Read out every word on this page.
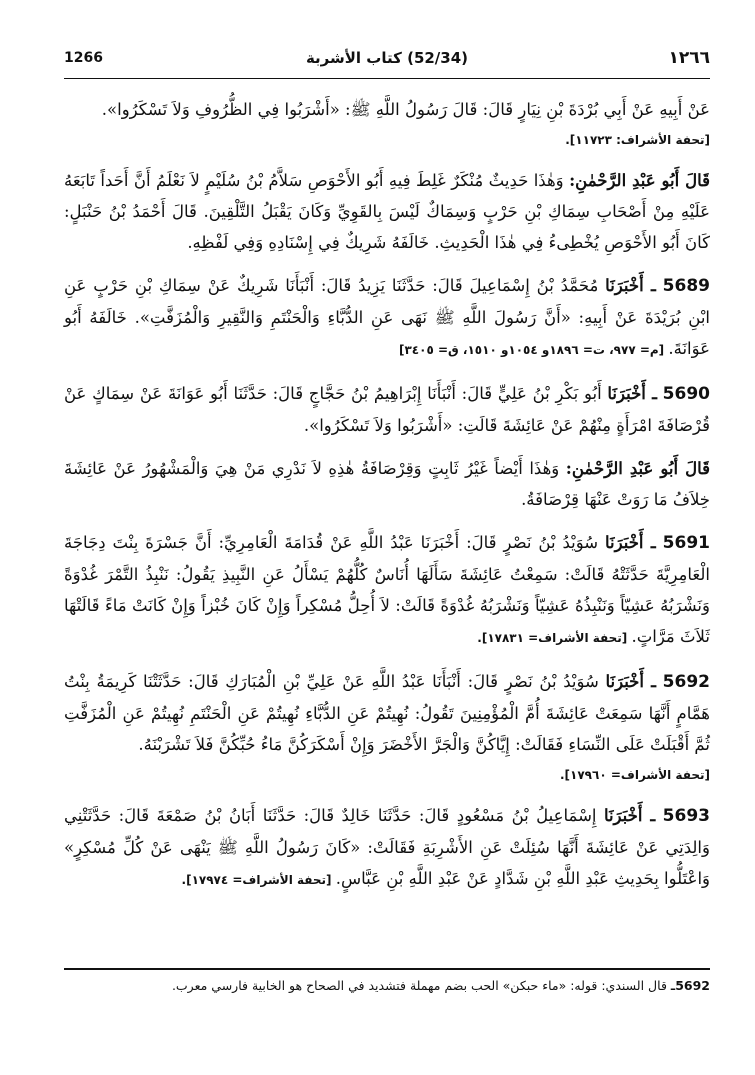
١٢٦٦
(52/34) كتاب الأشربة
1266

عَنْ أَبِيهِ عَنْ أَبِي بُرْدَةَ بْنِ نِيَارٍ قَالَ: قَالَ رَسُولُ اللَّهِ ﷺ: «أَشْرَبُوا فِي الظُّرُوفِ وَلاَ تَسْكَرُوا».

[تحفة الأشراف: ١١٧٢٣].

قَالَ أَبُو عَبْدِ الرَّحْمٰنِ: وَهٰذَا حَدِيثٌ مُنْكَرٌ غَلِطَ فِيهِ أَبُو الأَحْوَصِ سَلاَّمُ بْنُ سُلَيْمٍ لاَ نَعْلَمُ أَنَّ أَحَداً تَابَعَهُ عَلَيْهِ مِنْ أَصْحَابِ سِمَاكِ بْنِ حَرْبٍ وَسِمَاكٌ لَيْسَ بِالقَوِيِّ وَكَانَ يَقْبَلُ التَّلْقِينَ. قَالَ أَحْمَدُ بْنُ حَنْبَلٍ: كَانَ أَبُو الأَحْوَصِ يُخْطِىءُ فِي هٰذَا الْحَدِيثِ. خَالَفَهُ شَرِيكٌ فِي إِسْنَادِهِ وَفِي لَفْظِهِ.

5689 ـ أَخْبَرَنَا مُحَمَّدُ بْنُ إِسْمَاعِيلَ قَالَ: حَدَّثَنَا يَزِيدُ قَالَ: أَنْبَأَنَا شَرِيكٌ عَنْ سِمَاكِ بْنِ حَرْبٍ عَنِ ابْنِ بُرَيْدَةَ عَنْ أَبِيهِ: «أَنَّ رَسُولَ اللَّهِ ﷺ نَهَى عَنِ الدُّبَّاءِ وَالْحَنْتَمِ وَالنَّقِيرِ وَالْمُزَفَّتِ». خَالَفَهُ أَبُو عَوَانَةَ. [م= ٩٧٧، ت= ١٨٩٦و ١٠٥٤و ١٥١٠، ق= ٣٤٠٥]

5690 ـ أَخْبَرَنَا أَبُو بَكْرِ بْنُ عَلِيٍّ قَالَ: أَنْبَأَنَا إِبْرَاهِيمُ بْنُ حَجَّاجٍ قَالَ: حَدَّثَنَا أَبُو عَوَانَةَ عَنْ سِمَاكٍ عَنْ قُرْصَافَةَ امْرَأَةٍ مِنْهُمْ عَنْ عَائِشَةَ قَالَتِ: «أَشْرَبُوا وَلاَ تَسْكَرُوا».

قَالَ أَبُو عَبْدِ الرَّحْمٰنِ: وَهٰذَا أَيْضاً غَيْرُ ثَابِتٍ وَقِرْصَافَةُ هٰذِهِ لاَ نَدْرِي مَنْ هِيَ وَالْمَشْهُورُ عَنْ عَائِشَةَ خِلاَفُ مَا رَوَتْ عَنْهَا قِرْصَافَةُ.

5691 ـ أَخْبَرَنَا سُوَيْدُ بْنُ نَصْرٍ قَالَ: أَخْبَرَنَا عَبْدُ اللَّهِ عَنْ قُدَامَةَ الْعَامِرِيِّ: أَنَّ جَسْرَةَ بِنْتَ دِجَاجَةَ الْعَامِرِيَّةَ حَدَّثَتْهُ قَالَتْ: سَمِعْتُ عَائِشَةَ سَأَلَهَا أُنَاسٌ كُلُّهُمْ يَسْأَلُ عَنِ النَّبِيذِ يَقُولُ: نَنْبِذُ التَّمْرَ غُدْوَةً وَنَشْرَبُهُ عَشِيّاً وَنَنْبِذُهُ عَشِيّاً وَنَشْرَبُهُ غُدْوَةً قَالَتْ: لاَ أُحِلُّ مُسْكِراً وَإِنْ كَانَ خُبْزاً وَإِنْ كَانَتْ مَاءً قَالَتْهَا ثَلاَثَ مَرَّاتٍ. [تحفة الأشراف= ١٧٨٣١].

5692 ـ أَخْبَرَنَا سُوَيْدُ بْنُ نَصْرٍ قَالَ: أَنْبَأَنَا عَبْدُ اللَّهِ عَنْ عَلِيِّ بْنِ الْمُبَارَكِ قَالَ: حَدَّثَتْنَا كَرِيمَةُ بِنْتُ هَمَّامٍ أَنَّهَا سَمِعَتْ عَائِشَةَ أُمَّ الْمُؤْمِنِينَ تَقُولُ: نُهِيتُمْ عَنِ الدُّبَّاءِ نُهِيتُمْ عَنِ الْحَنْتَمِ نُهِيتُمْ عَنِ الْمُزَفَّتِ ثُمَّ أَقْبَلَتْ عَلَى النِّسَاءِ فَقَالَتْ: إِيَّاكُنَّ وَالْجَرَّ الأَخْضَرَ وَإِنْ أَسْكَرَكُنَّ مَاءُ حُبِّكُنَّ فَلاَ تَشْرَبْنَهُ.

[تحفة الأشراف= ١٧٩٦٠].

5693 ـ أَخْبَرَنَا إِسْمَاعِيلُ بْنُ مَسْعُودٍ قَالَ: حَدَّثَنَا خَالِدٌ قَالَ: حَدَّثَنَا أَبَانُ بْنُ صَمْعَةَ قَالَ: حَدَّثَتْنِي وَالِدَتِي عَنْ عَائِشَةَ أَنَّهَا سُئِلَتْ عَنِ الأَشْرِبَةِ فَقَالَتْ: «كَانَ رَسُولُ اللَّهِ ﷺ يَنْهَى عَنْ كُلِّ مُسْكِرٍ» وَاعْتَلُّوا بِحَدِيثِ عَبْدِ اللَّهِ بْنِ شَدَّادٍ عَنْ عَبْدِ اللَّهِ بْنِ عَبَّاسٍ. [تحفة الأشراف= ١٧٩٧٤].

5692ـ قال السندي: قوله: «ماء حبكن» الحب بضم مهملة فتشديد في الصحاح هو الخابية فارسي معرب.
